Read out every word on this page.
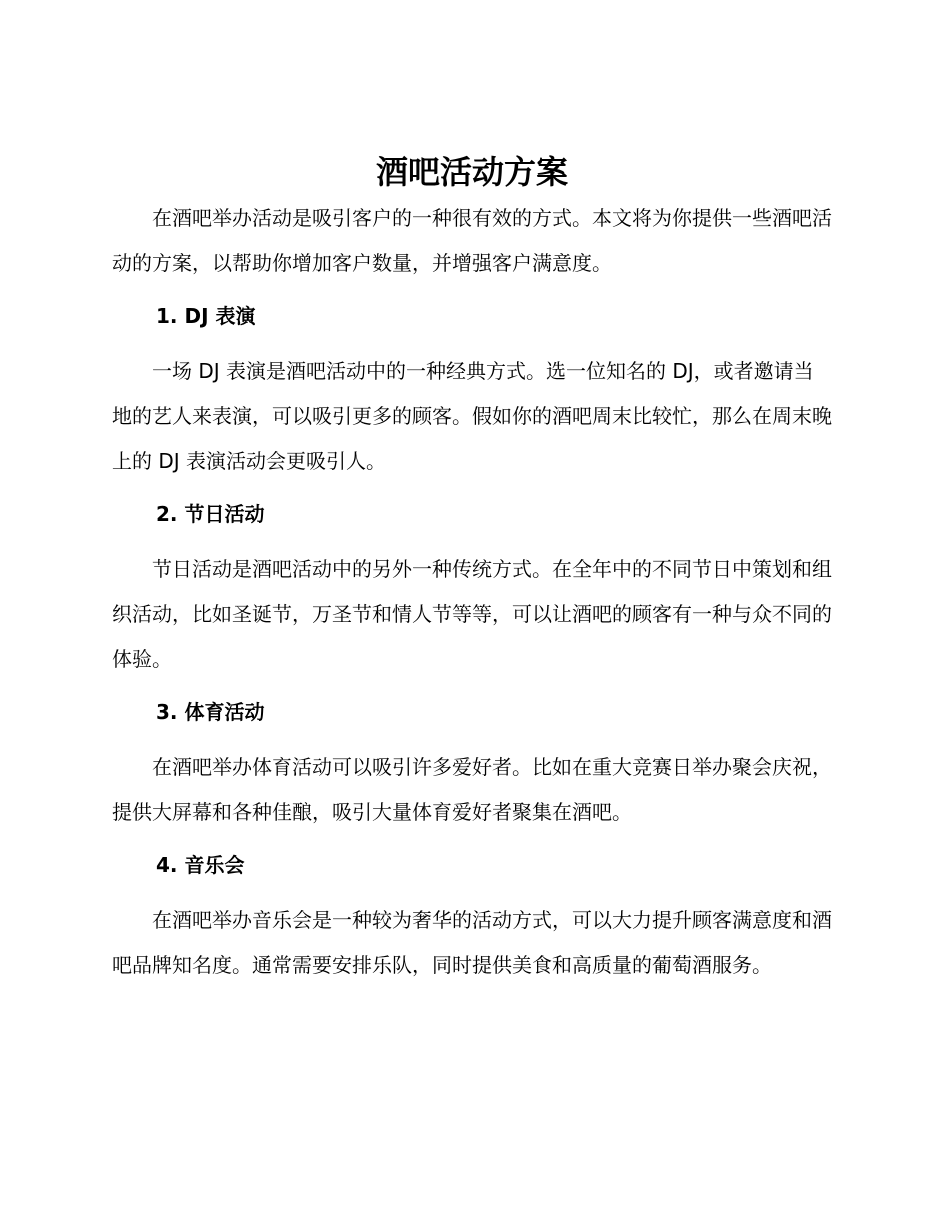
酒吧活动方案

在酒吧举办活动是吸引客户的一种很有效的方式。本文将为你提供一些酒吧活动的方案，以帮助你增加客户数量，并增强客户满意度。

1. DJ 表演

一场 DJ 表演是酒吧活动中的一种经典方式。选一位知名的 DJ，或者邀请当地的艺人来表演，可以吸引更多的顾客。假如你的酒吧周末比较忙，那么在周末晚上的 DJ 表演活动会更吸引人。

2. 节日活动

节日活动是酒吧活动中的另外一种传统方式。在全年中的不同节日中策划和组织活动，比如圣诞节，万圣节和情人节等等，可以让酒吧的顾客有一种与众不同的体验。

3. 体育活动

在酒吧举办体育活动可以吸引许多爱好者。比如在重大竞赛日举办聚会庆祝，提供大屏幕和各种佳酿，吸引大量体育爱好者聚集在酒吧。

4. 音乐会

在酒吧举办音乐会是一种较为奢华的活动方式，可以大力提升顾客满意度和酒吧品牌知名度。通常需要安排乐队，同时提供美食和高质量的葡萄酒服务。
